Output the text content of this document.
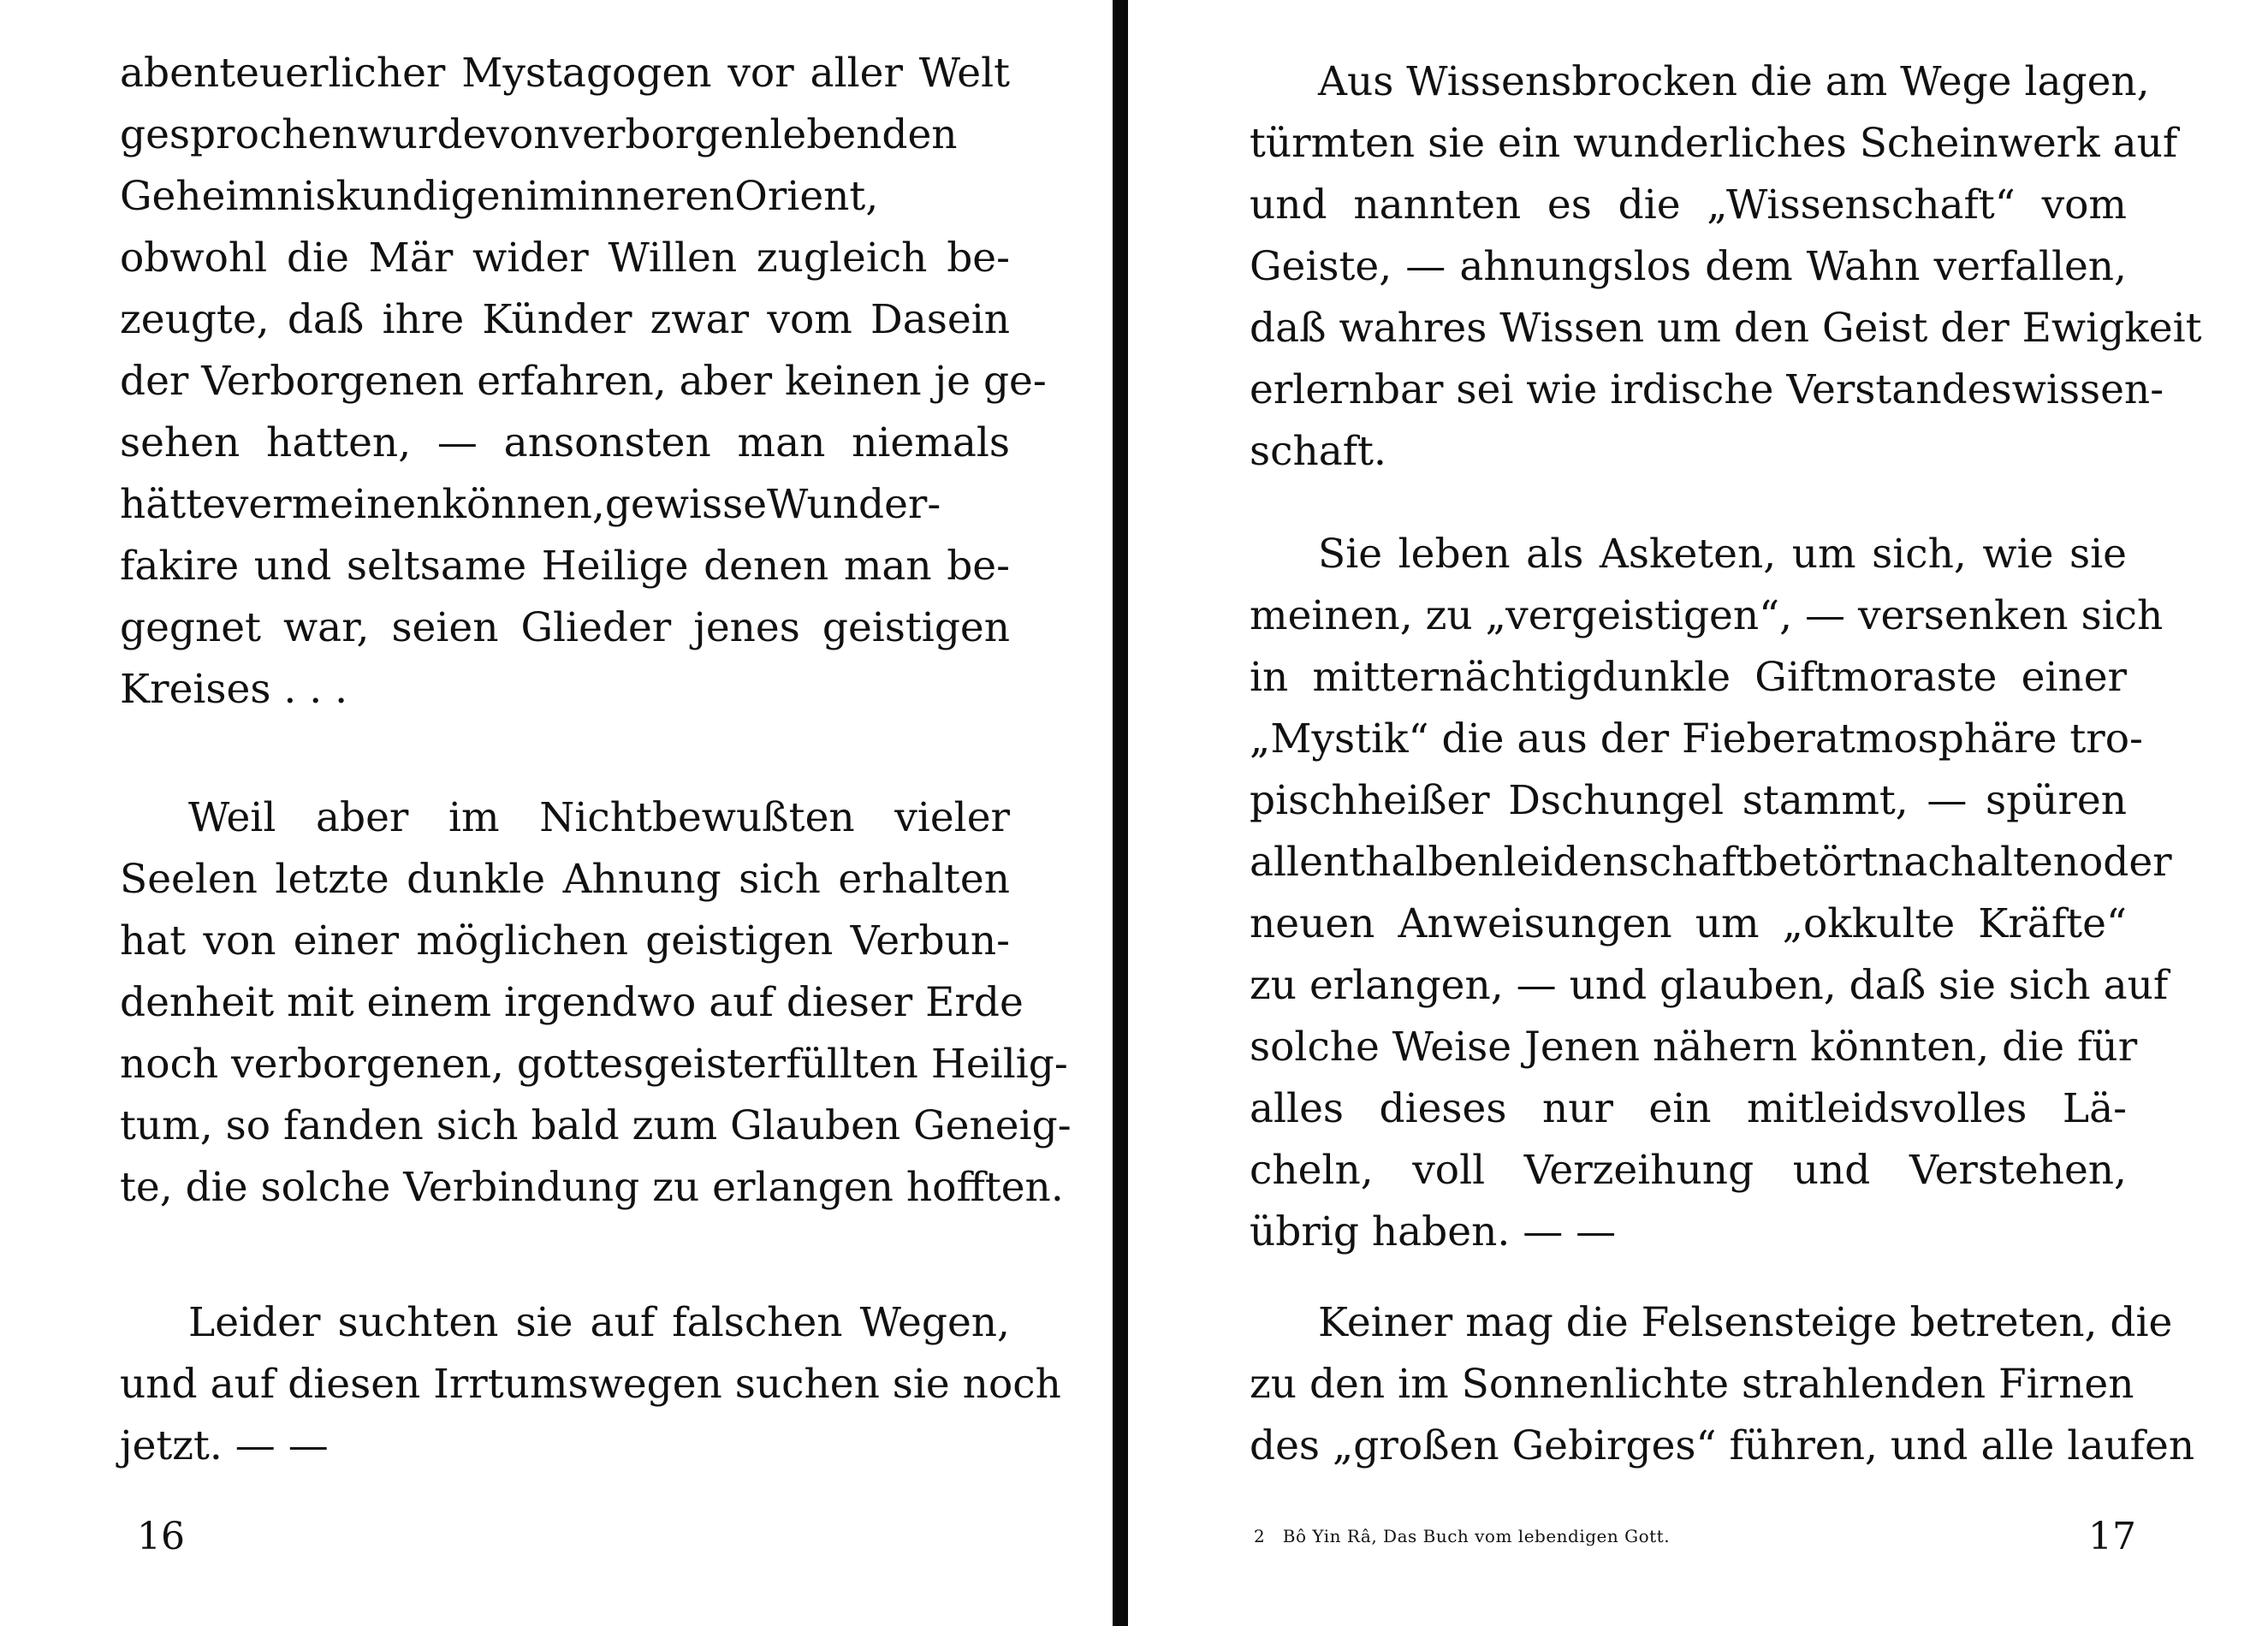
abenteuerlicher Mystagogen vor aller Welt
gesprochenwurdevonverborgenlebenden
GeheimniskundigeniminnerenOrient,
obwohl die Mär wider Willen zugleich be-
zeugte, daß ihre Künder zwar vom Dasein
der Verborgenen erfahren, aber keinen je ge-
sehen hatten, — ansonsten man niemals
hättevermeinenkönnen,gewisseWunder-
fakire und seltsame Heilige denen man be-
gegnet war, seien Glieder jenes geistigen
Kreises . . .
Weil aber im Nichtbewußten vieler
Seelen letzte dunkle Ahnung sich erhalten
hat von einer möglichen geistigen Verbun-
denheit mit einem irgendwo auf dieser Erde
noch verborgenen, gottesgeisterfüllten Heilig-
tum, so fanden sich bald zum Glauben Geneig-
te, die solche Verbindung zu erlangen hofften.
Leider suchten sie auf falschen Wegen,
und auf diesen Irrtumswegen suchen sie noch
jetzt. — —
16
Aus Wissensbrocken die am Wege lagen,
türmten sie ein wunderliches Scheinwerk auf
und nannten es die „Wissenschaft“ vom
Geiste, — ahnungslos dem Wahn verfallen,
daß wahres Wissen um den Geist der Ewigkeit
erlernbar sei wie irdische Verstandeswissen-
schaft.
Sie leben als Asketen, um sich, wie sie
meinen, zu „vergeistigen“, — versenken sich
in mitternächtigdunkle Giftmoraste einer
„Mystik“ die aus der Fieberatmosphäre tro-
pischheißer Dschungel stammt, — spüren
allenthalbenleidenschaftbetörtnachaltenoder
neuen Anweisungen um „okkulte Kräfte“
zu erlangen, — und glauben, daß sie sich auf
solche Weise Jenen nähern könnten, die für
alles dieses nur ein mitleidsvolles Lä-
cheln, voll Verzeihung und Verstehen,
übrig haben. — —
Keiner mag die Felsensteige betreten, die
zu den im Sonnenlichte strahlenden Firnen
des „großen Gebirges“ führen, und alle laufen
2   Bô Yin Râ, Das Buch vom lebendigen Gott.	17
